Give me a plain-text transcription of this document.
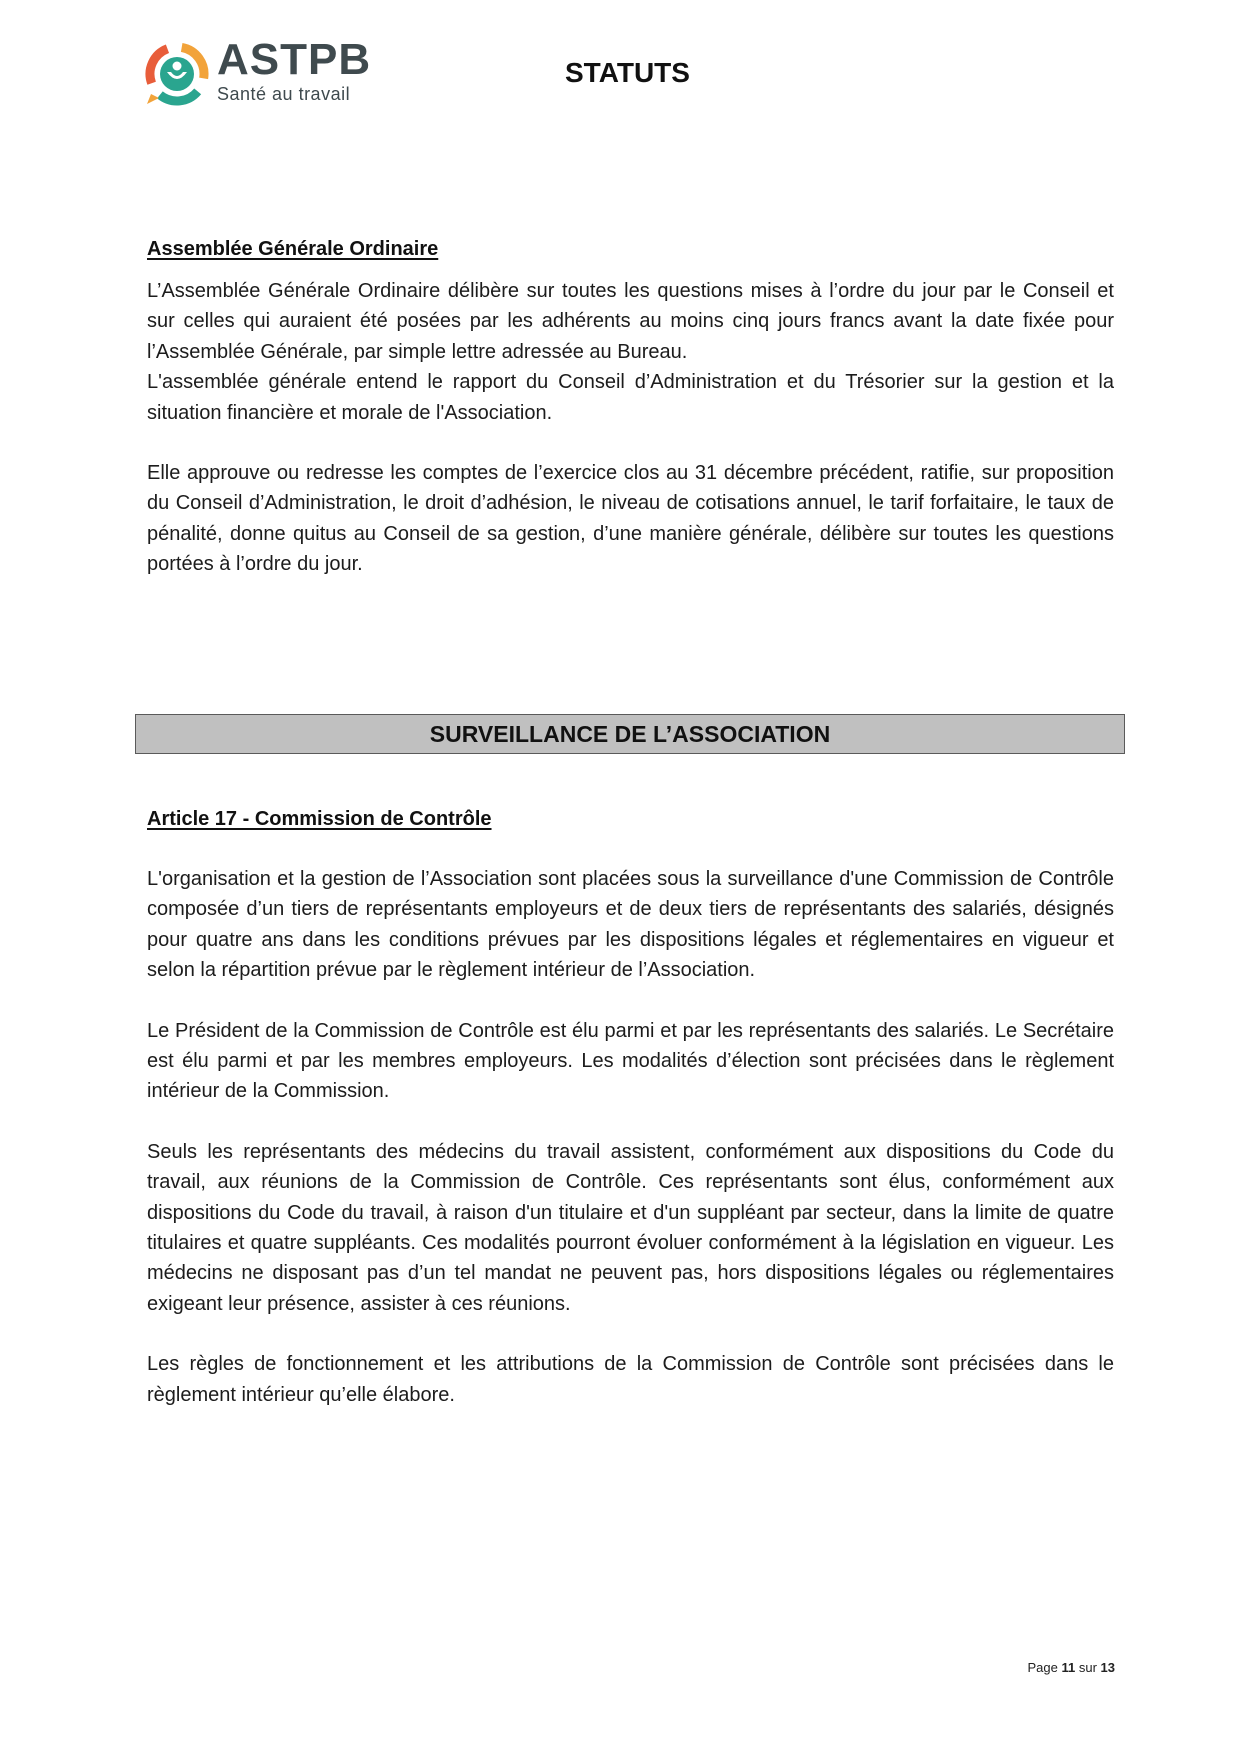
ASTPB

Santé au travail

STATUTS

Assemblée Générale Ordinaire

L’Assemblée Générale Ordinaire délibère sur toutes les questions mises à l’ordre du jour par le Conseil et sur celles qui auraient été posées par les adhérents au moins cinq jours francs avant la date fixée pour l’Assemblée Générale, par simple lettre adressée au Bureau.

L'assemblée générale entend le rapport du Conseil d’Administration et du Trésorier sur la gestion et la situation financière et morale de l'Association.

Elle approuve ou redresse les comptes de l’exercice clos au 31 décembre précédent, ratifie, sur proposition du Conseil d’Administration, le droit d’adhésion, le niveau de cotisations annuel, le tarif forfaitaire, le taux de pénalité, donne quitus au Conseil de sa gestion, d’une manière générale, délibère sur toutes les questions portées à l’ordre du jour.

SURVEILLANCE DE L’ASSOCIATION

Article 17 - Commission de Contrôle

L'organisation et la gestion de l’Association sont placées sous la surveillance d'une Commission de Contrôle composée d’un tiers de représentants employeurs et de deux tiers de représentants des salariés, désignés pour quatre ans dans les conditions prévues par les dispositions légales et réglementaires en vigueur et selon la répartition prévue par le règlement intérieur de l’Association.

Le Président de la Commission de Contrôle est élu parmi et par les représentants des salariés. Le Secrétaire est élu parmi et par les membres employeurs. Les modalités d’élection sont précisées dans le règlement intérieur de la Commission.

Seuls les représentants des médecins du travail assistent, conformément aux dispositions du Code du travail, aux réunions de la Commission de Contrôle. Ces représentants sont élus, conformément aux dispositions du Code du travail, à raison d'un titulaire et d'un suppléant par secteur, dans la limite de quatre titulaires et quatre suppléants. Ces modalités pourront évoluer conformément à la législation en vigueur. Les médecins ne disposant pas d’un tel mandat ne peuvent pas, hors dispositions légales ou réglementaires exigeant leur présence, assister à ces réunions.

Les règles de fonctionnement et les attributions de la Commission de Contrôle sont précisées dans le règlement intérieur qu’elle élabore.

Page 11 sur 13
